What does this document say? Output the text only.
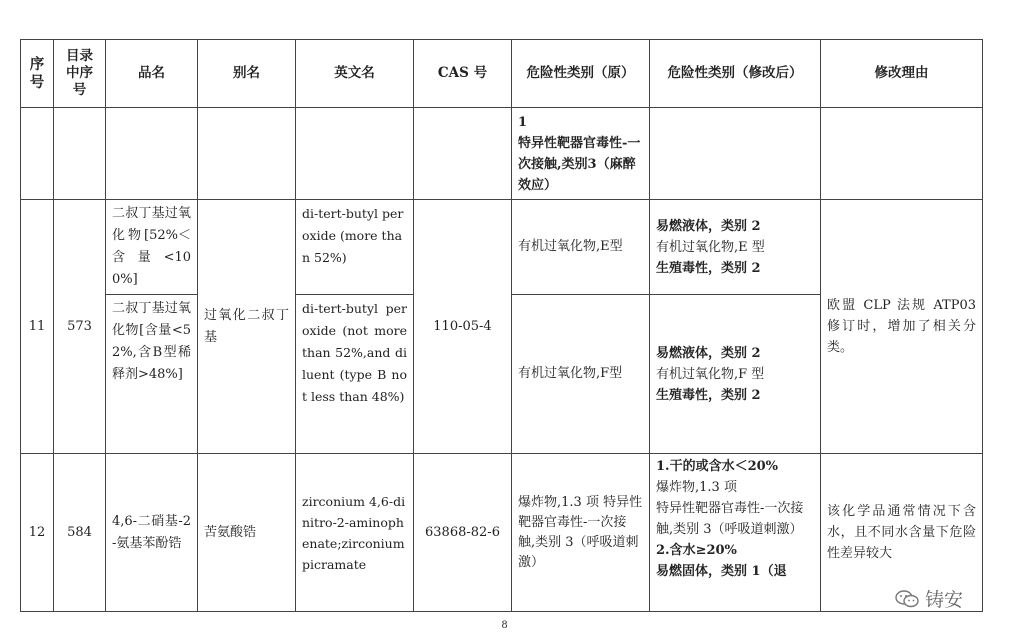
序号	目录中序号	品名	别名	英文名	CAS 号	危险性类别（原）	危险性类别（修改后）	修改理由

						1
特异性靶器官毒性-一次接触,类别3（麻醉效应）		

11	573	二叔丁基过氧化物[52%＜含量<100%]	过氧化二叔丁基	di-tert-butyl peroxide (more than 52%)	110-05-4	有机过氧化物,E型	易燃液体，类别 2
有机过氧化物,E 型
生殖毒性，类别 2	欧盟 CLP 法规 ATP03 修订时，增加了相关分类。
		二叔丁基过氧化物[含量<52%,含B型稀释剂>48%]		di-tert-butyl peroxide (not more than 52%,and diluent (type B not less than 48%)		有机过氧化物,F型	易燃液体，类别 2
有机过氧化物,F 型
生殖毒性，类别 2	

12	584	4,6-二硝基-2-氨基苯酚锆	苦氨酸锆	zirconium 4,6-dinitro-2-aminophenate;zirconium picramate	63868-82-6	爆炸物,1.3 项 特异性靶器官毒性-一次接触,类别 3（呼吸道刺激）	1.干的或含水＜20%
爆炸物,1.3 项
特异性靶器官毒性-一次接触,类别 3（呼吸道刺激）
2.含水≥20%
易燃固体，类别 1（退	该化学品通常情况下含水，且不同水含量下危险性差异较大
8
铸安
